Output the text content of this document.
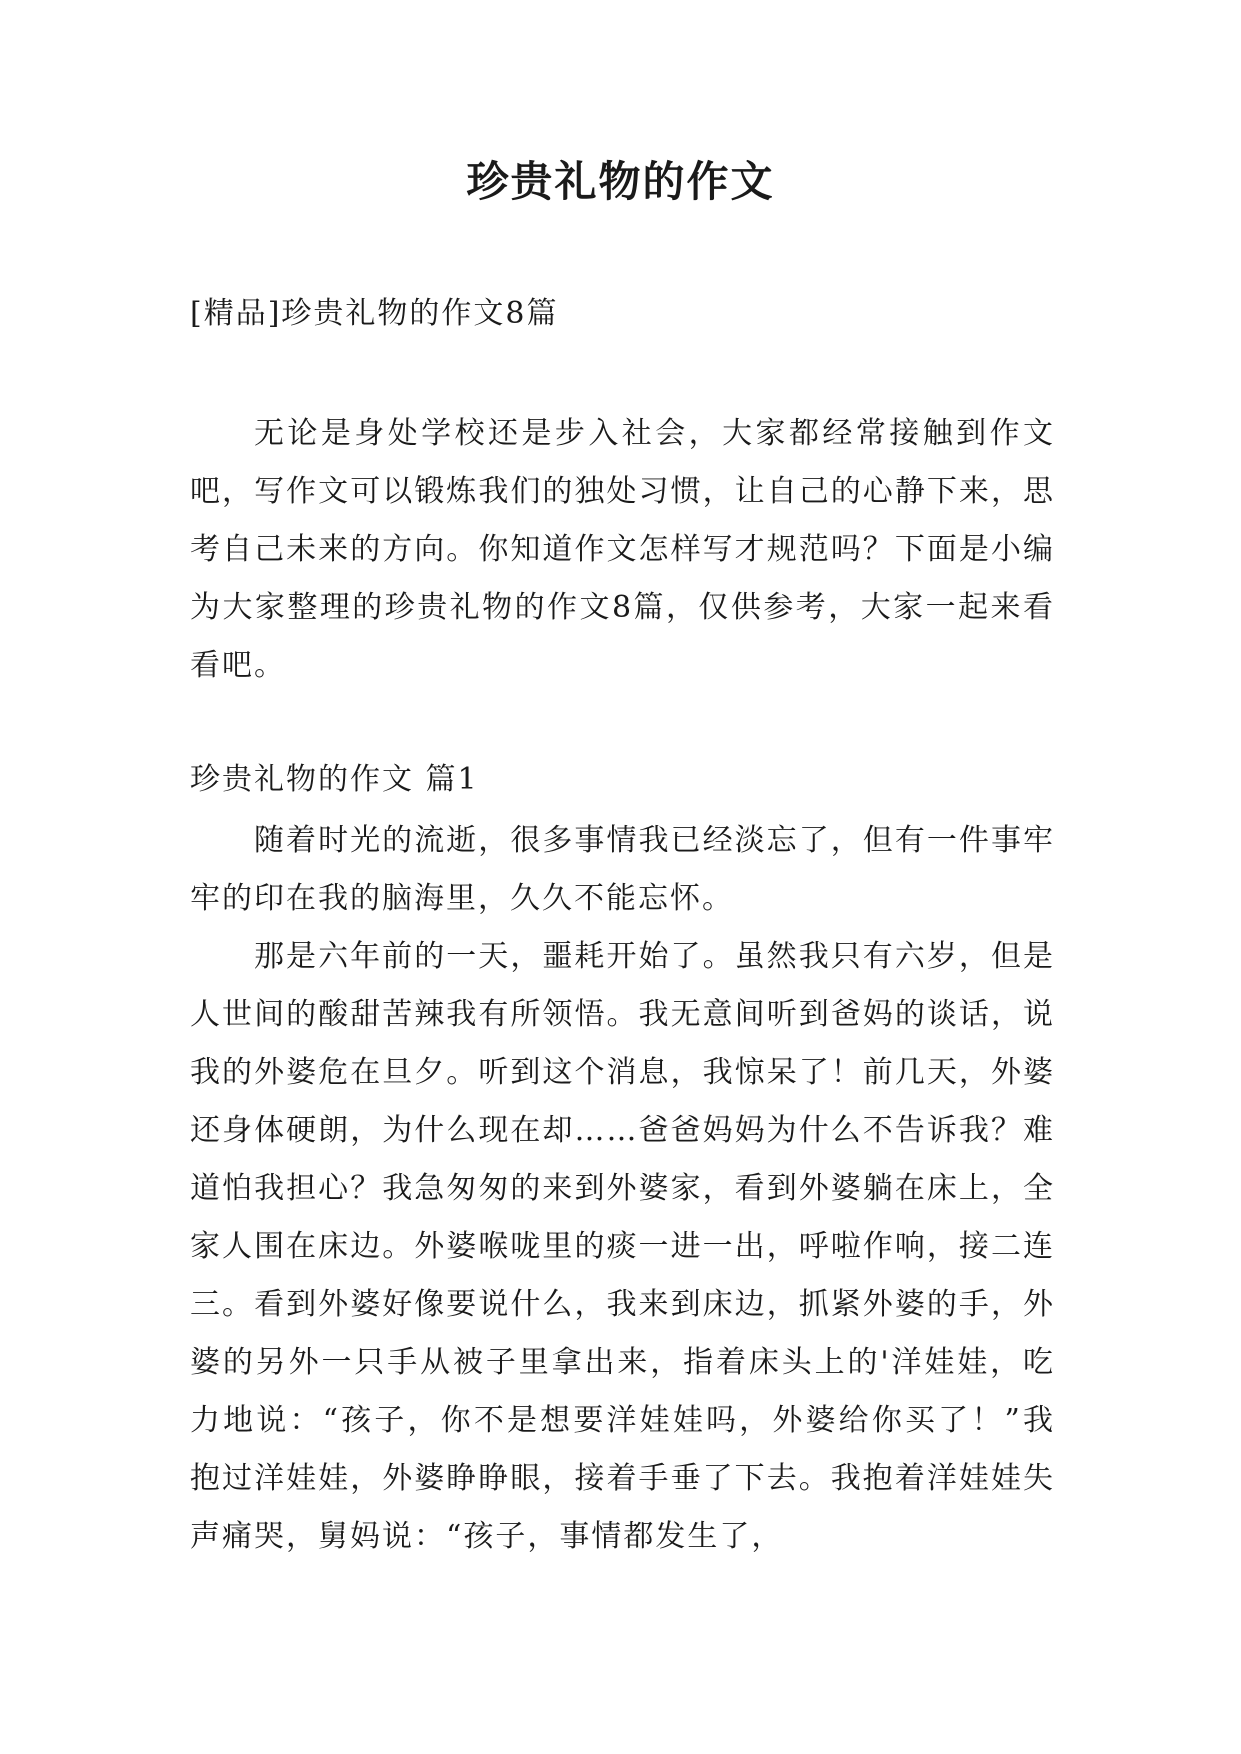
珍贵礼物的作文
[精品]珍贵礼物的作文8篇

无论是身处学校还是步入社会，大家都经常接触到作文吧，写作文可以锻炼我们的独处习惯，让自己的心静下来，思考自己未来的方向。你知道作文怎样写才规范吗？下面是小编为大家整理的珍贵礼物的作文8篇，仅供参考，大家一起来看看吧。

珍贵礼物的作文 篇1

随着时光的流逝，很多事情我已经淡忘了，但有一件事牢牢的印在我的脑海里，久久不能忘怀。

那是六年前的一天，噩耗开始了。虽然我只有六岁，但是人世间的酸甜苦辣我有所领悟。我无意间听到爸妈的谈话，说我的外婆危在旦夕。听到这个消息，我惊呆了！前几天，外婆还身体硬朗，为什么现在却……爸爸妈妈为什么不告诉我？难道怕我担心？我急匆匆的来到外婆家，看到外婆躺在床上，全家人围在床边。外婆喉咙里的痰一进一出，呼啦作响，接二连三。看到外婆好像要说什么，我来到床边，抓紧外婆的手，外婆的另外一只手从被子里拿出来，指着床头上的'洋娃娃，吃力地说：“孩子，你不是想要洋娃娃吗，外婆给你买了！”我抱过洋娃娃，外婆睁睁眼，接着手垂了下去。我抱着洋娃娃失声痛哭，舅妈说：“孩子，事情都发生了，
